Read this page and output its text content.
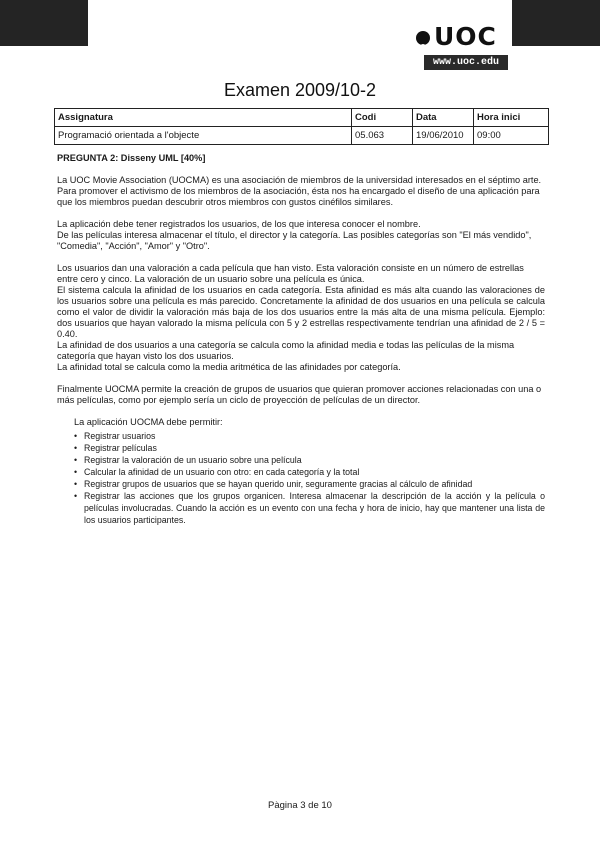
UOC
www.uoc.edu
Examen 2009/10-2
Assignatura	Codi	Data	Hora inici
Programació orientada a l'objecte	05.063	19/06/2010	09:00

PREGUNTA 2: Disseny UML [40%]

La UOC Movie Association (UOCMA) es una asociación de miembros de la universidad interesados en el séptimo arte.

Para promover el activismo de los miembros de la asociación, ésta nos ha encargado el diseño de una aplicación para que los miembros puedan descubrir otros miembros con gustos cinéfilos similares.

La aplicación debe tener registrados los usuarios, de los que interesa conocer el nombre.

De las películas interesa almacenar el título, el director y la categoría. Las posibles categorías son "El más vendido", "Comedia", "Acción", "Amor" y "Otro".

Los usuarios dan una valoración a cada película que han visto. Esta valoración consiste en un número de estrellas entre cero y cinco. La valoración de un usuario sobre una película es única.

El sistema calcula la afinidad de los usuarios en cada categoría. Esta afinidad es más alta cuando las valoraciones de los usuarios sobre una película es más parecido. Concretamente la afinidad de dos usuarios en una película se calcula como el valor de dividir la valoración más baja de los dos usuarios entre la más alta de una misma película. Ejemplo: dos usuarios que hayan valorado la misma película con 5 y 2 estrellas respectivamente tendrían una afinidad de 2 / 5 = 0.40.

La afinidad de dos usuarios a una categoría se calcula como la afinidad media e todas las películas de la misma categoría que hayan visto los dos usuarios.

La afinidad total se calcula como la media aritmética de las afinidades por categoría.

Finalmente UOCMA permite la creación de grupos de usuarios que quieran promover acciones relacionadas con una o más películas, como por ejemplo sería un ciclo de proyección de películas de un director.

La aplicación UOCMA debe permitir:

• Registrar usuarios
• Registrar películas
• Registrar la valoración de un usuario sobre una película
• Calcular la afinidad de un usuario con otro: en cada categoría y la total
• Registrar grupos de usuarios que se hayan querido unir, seguramente gracias al cálculo de afinidad
• Registrar las acciones que los grupos organicen. Interesa almacenar la descripción de la acción y la película o películas involucradas. Cuando la acción es un evento con una fecha y hora de inicio, hay que mantener una lista de los usuarios participantes.
Pàgina 3 de 10
